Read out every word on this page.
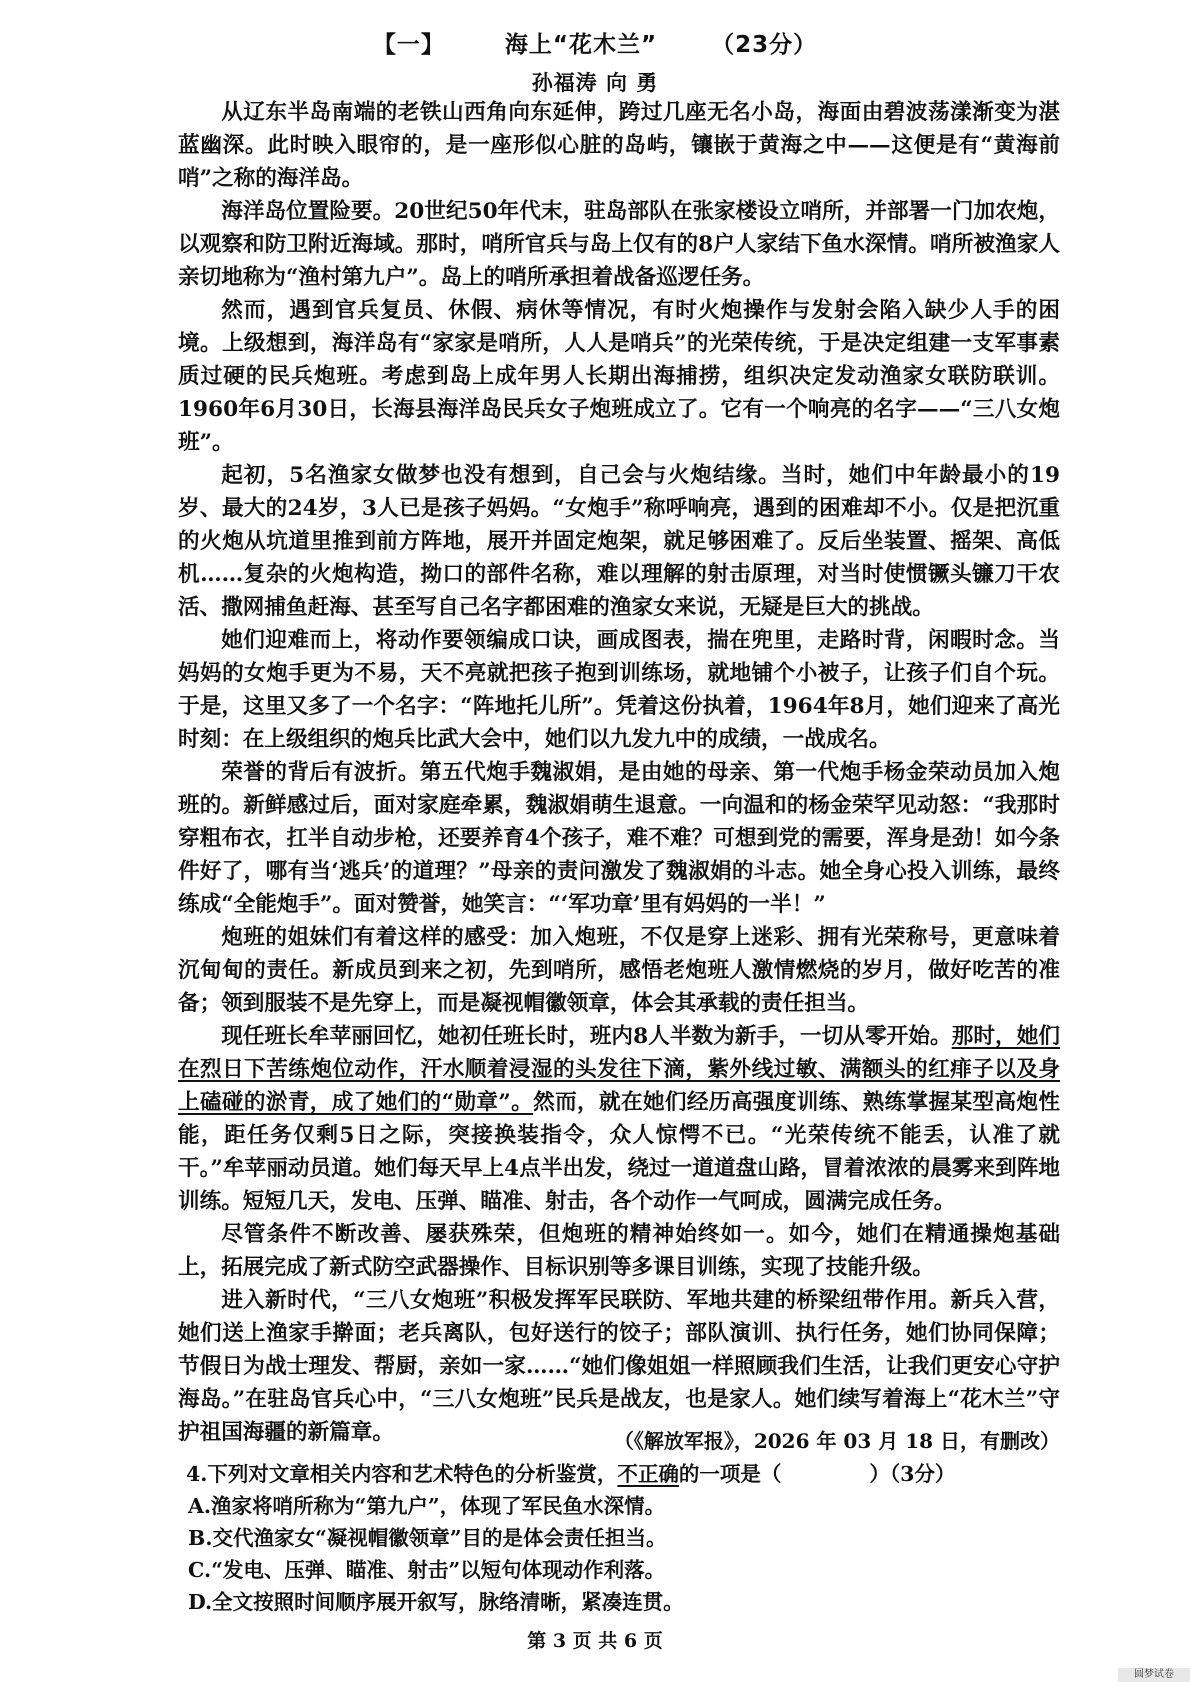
【一】	海上“花木兰” （23分）
孙福涛 向 勇

从辽东半岛南端的老铁山西角向东延伸，跨过几座无名小岛，海面由碧波荡漾渐变为湛蓝幽深。此时映入眼帘的，是一座形似心脏的岛屿，镶嵌于黄海之中——这便是有“黄海前哨”之称的海洋岛。

海洋岛位置险要。20世纪50年代末，驻岛部队在张家楼设立哨所，并部署一门加农炮，以观察和防卫附近海域。那时，哨所官兵与岛上仅有的8户人家结下鱼水深情。哨所被渔家人亲切地称为“渔村第九户”。岛上的哨所承担着战备巡逻任务。

然而，遇到官兵复员、休假、病休等情况，有时火炮操作与发射会陷入缺少人手的困境。上级想到，海洋岛有“家家是哨所，人人是哨兵”的光荣传统，于是决定组建一支军事素质过硬的民兵炮班。考虑到岛上成年男人长期出海捕捞，组织决定发动渔家女联防联训。1960年6月30日，长海县海洋岛民兵女子炮班成立了。它有一个响亮的名字——“三八女炮班”。

起初，5名渔家女做梦也没有想到，自己会与火炮结缘。当时，她们中年龄最小的19岁、最大的24岁，3人已是孩子妈妈。“女炮手”称呼响亮，遇到的困难却不小。仅是把沉重的火炮从坑道里推到前方阵地，展开并固定炮架，就足够困难了。反后坐装置、摇架、高低机……复杂的火炮构造，拗口的部件名称，难以理解的射击原理，对当时使惯镢头镰刀干农活、撒网捕鱼赶海、甚至写自己名字都困难的渔家女来说，无疑是巨大的挑战。

她们迎难而上，将动作要领编成口诀，画成图表，揣在兜里，走路时背，闲暇时念。当妈妈的女炮手更为不易，天不亮就把孩子抱到训练场，就地铺个小被子，让孩子们自个玩。于是，这里又多了一个名字：“阵地托儿所”。凭着这份执着，1964年8月，她们迎来了高光时刻：在上级组织的炮兵比武大会中，她们以九发九中的成绩，一战成名。

荣誉的背后有波折。第五代炮手魏淑娟，是由她的母亲、第一代炮手杨金荣动员加入炮班的。新鲜感过后，面对家庭牵累，魏淑娟萌生退意。一向温和的杨金荣罕见动怒：“我那时穿粗布衣，扛半自动步枪，还要养育4个孩子，难不难？可想到党的需要，浑身是劲！如今条件好了，哪有当‘逃兵’的道理？”母亲的责问激发了魏淑娟的斗志。她全身心投入训练，最终练成“全能炮手”。面对赞誉，她笑言：“‘军功章’里有妈妈的一半！”

炮班的姐妹们有着这样的感受：加入炮班，不仅是穿上迷彩、拥有光荣称号，更意味着沉甸甸的责任。新成员到来之初，先到哨所，感悟老炮班人激情燃烧的岁月，做好吃苦的准备；领到服装不是先穿上，而是凝视帽徽领章，体会其承载的责任担当。

现任班长牟苹丽回忆，她初任班长时，班内8人半数为新手，一切从零开始。那时，她们在烈日下苦练炮位动作，汗水顺着浸湿的头发往下滴，紫外线过敏、满额头的红痱子以及身上磕碰的淤青，成了她们的“勋章”。然而，就在她们经历高强度训练、熟练掌握某型高炮性能，距任务仅剩5日之际，突接换装指令，众人惊愕不已。“光荣传统不能丢，认准了就干。”牟苹丽动员道。她们每天早上4点半出发，绕过一道道盘山路，冒着浓浓的晨雾来到阵地训练。短短几天，发电、压弹、瞄准、射击，各个动作一气呵成，圆满完成任务。

尽管条件不断改善、屡获殊荣，但炮班的精神始终如一。如今，她们在精通操炮基础上，拓展完成了新式防空武器操作、目标识别等多课目训练，实现了技能升级。

进入新时代，“三八女炮班”积极发挥军民联防、军地共建的桥梁纽带作用。新兵入营，她们送上渔家手擀面；老兵离队，包好送行的饺子；部队演训、执行任务，她们协同保障；节假日为战士理发、帮厨，亲如一家……“她们像姐姐一样照顾我们生活，让我们更安心守护海岛。”在驻岛官兵心中，“三八女炮班”民兵是战友，也是家人。她们续写着海上“花木兰”守护祖国海疆的新篇章。	（《解放军报》，2026 年 03 月 18 日，有删改）
4.下列对文章相关内容和艺术特色的分析鉴赏，不正确的一项是（	）（3分）
A.渔家将哨所称为“第九户”，体现了军民鱼水深情。
B.交代渔家女“凝视帽徽领章”目的是体会责任担当。
C.“发电、压弹、瞄准、射击”以短句体现动作利落。
D.全文按照时间顺序展开叙写，脉络清晰，紧凑连贯。
第 3 页 共 6 页
圆梦试卷
